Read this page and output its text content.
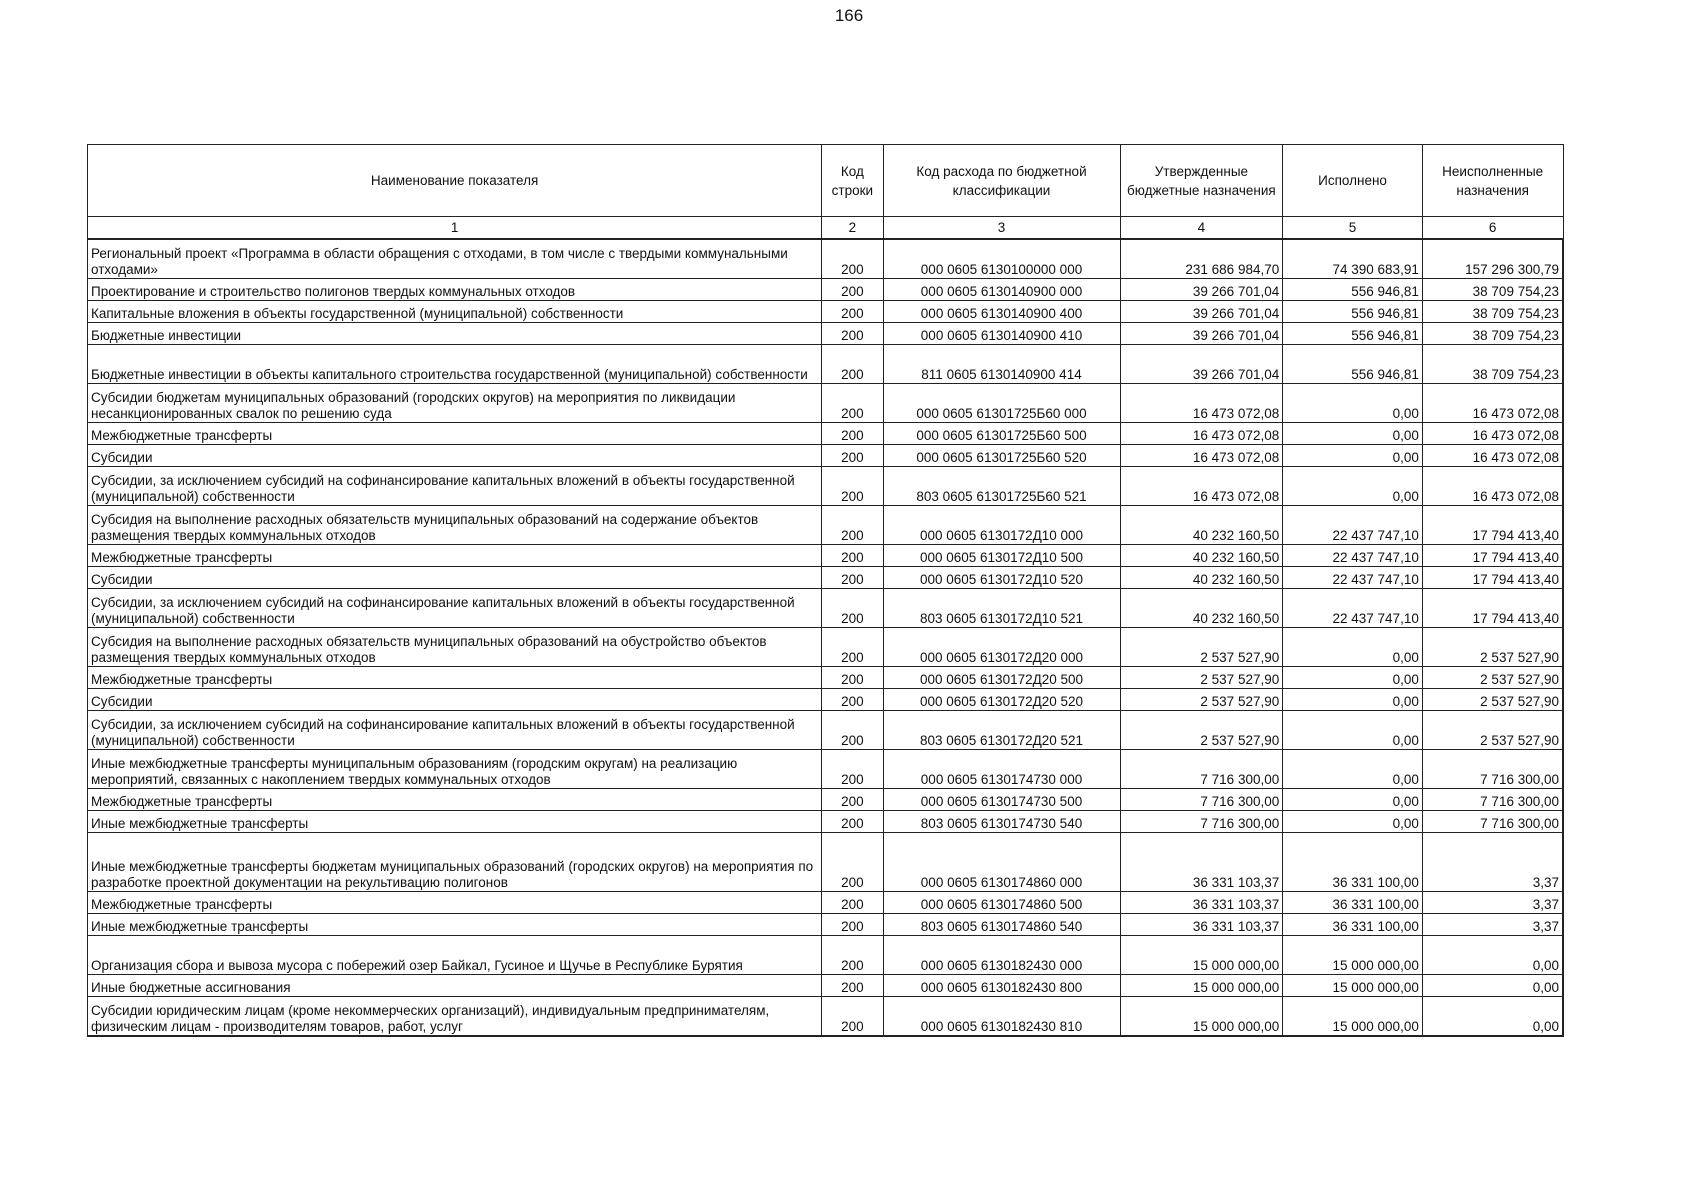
166
Наименование показателя	Код строки	Код расхода по бюджетной классификации	Утвержденные бюджетные назначения	Исполнено	Неисполненные назначения
1	2	3	4	5	6
Региональный проект «Программа в области обращения с отходами, в том числе с твердыми коммунальными отходами»	200	000 0605 6130100000 000	231 686 984,70	74 390 683,91	157 296 300,79
Проектирование и строительство полигонов твердых коммунальных отходов	200	000 0605 6130140900 000	39 266 701,04	556 946,81	38 709 754,23
Капитальные вложения в объекты государственной (муниципальной) собственности	200	000 0605 6130140900 400	39 266 701,04	556 946,81	38 709 754,23
Бюджетные инвестиции	200	000 0605 6130140900 410	39 266 701,04	556 946,81	38 709 754,23
Бюджетные инвестиции в объекты капитального строительства государственной (муниципальной) собственности	200	811 0605 6130140900 414	39 266 701,04	556 946,81	38 709 754,23
Субсидии бюджетам муниципальных образований (городских округов) на мероприятия по ликвидации несанкционированных свалок по решению суда	200	000 0605 61301725Б60 000	16 473 072,08	0,00	16 473 072,08
Межбюджетные трансферты	200	000 0605 61301725Б60 500	16 473 072,08	0,00	16 473 072,08
Субсидии	200	000 0605 61301725Б60 520	16 473 072,08	0,00	16 473 072,08
Субсидии, за исключением субсидий на софинансирование капитальных вложений в объекты государственной (муниципальной) собственности	200	803 0605 61301725Б60 521	16 473 072,08	0,00	16 473 072,08
Субсидия на выполнение расходных обязательств муниципальных образований на содержание объектов размещения твердых коммунальных отходов	200	000 0605 6130172Д10 000	40 232 160,50	22 437 747,10	17 794 413,40
Межбюджетные трансферты	200	000 0605 6130172Д10 500	40 232 160,50	22 437 747,10	17 794 413,40
Субсидии	200	000 0605 6130172Д10 520	40 232 160,50	22 437 747,10	17 794 413,40
Субсидии, за исключением субсидий на софинансирование капитальных вложений в объекты государственной (муниципальной) собственности	200	803 0605 6130172Д10 521	40 232 160,50	22 437 747,10	17 794 413,40
Субсидия на выполнение расходных обязательств муниципальных образований на обустройство объектов размещения твердых коммунальных отходов	200	000 0605 6130172Д20 000	2 537 527,90	0,00	2 537 527,90
Межбюджетные трансферты	200	000 0605 6130172Д20 500	2 537 527,90	0,00	2 537 527,90
Субсидии	200	000 0605 6130172Д20 520	2 537 527,90	0,00	2 537 527,90
Субсидии, за исключением субсидий на софинансирование капитальных вложений в объекты государственной (муниципальной) собственности	200	803 0605 6130172Д20 521	2 537 527,90	0,00	2 537 527,90
Иные межбюджетные трансферты муниципальным образованиям (городским округам) на реализацию мероприятий, связанных с накоплением твердых коммунальных отходов	200	000 0605 6130174730 000	7 716 300,00	0,00	7 716 300,00
Межбюджетные трансферты	200	000 0605 6130174730 500	7 716 300,00	0,00	7 716 300,00
Иные межбюджетные трансферты	200	803 0605 6130174730 540	7 716 300,00	0,00	7 716 300,00
Иные межбюджетные трансферты бюджетам муниципальных образований (городских округов) на мероприятия по разработке проектной документации на рекультивацию полигонов	200	000 0605 6130174860 000	36 331 103,37	36 331 100,00	3,37
Межбюджетные трансферты	200	000 0605 6130174860 500	36 331 103,37	36 331 100,00	3,37
Иные межбюджетные трансферты	200	803 0605 6130174860 540	36 331 103,37	36 331 100,00	3,37
Организация сбора и вывоза мусора с побережий озер Байкал, Гусиное и Щучье в Республике Бурятия	200	000 0605 6130182430 000	15 000 000,00	15 000 000,00	0,00
Иные бюджетные ассигнования	200	000 0605 6130182430 800	15 000 000,00	15 000 000,00	0,00
Субсидии юридическим лицам (кроме некоммерческих организаций), индивидуальным предпринимателям, физическим лицам - производителям товаров, работ, услуг	200	000 0605 6130182430 810	15 000 000,00	15 000 000,00	0,00
